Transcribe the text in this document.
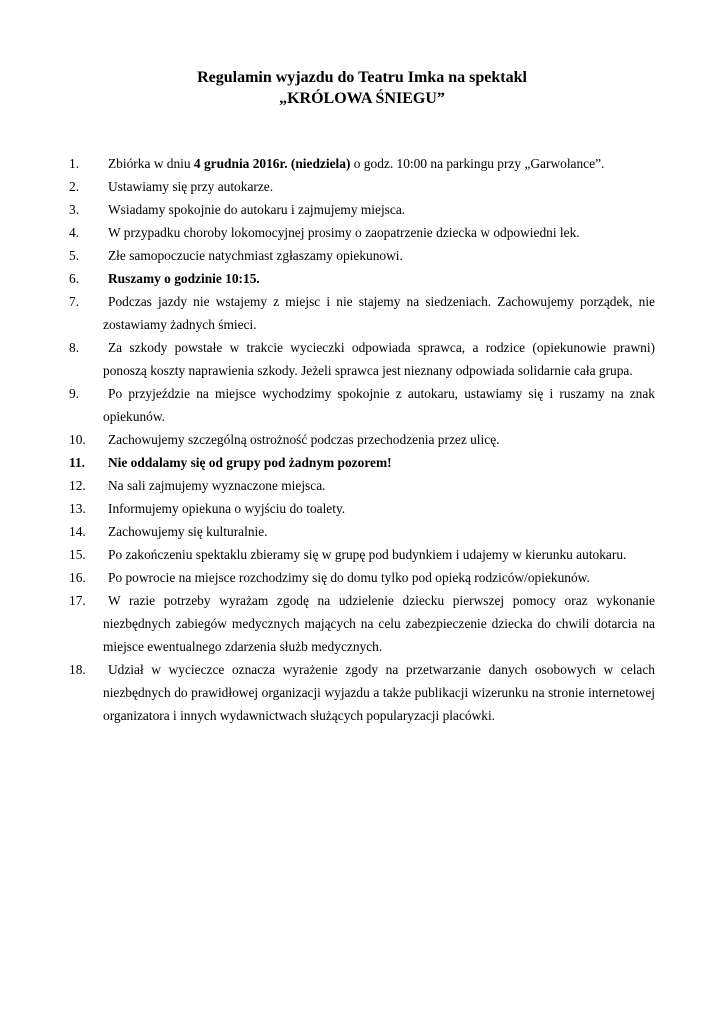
Regulamin wyjazdu do Teatru Imka na spektakl
„KRÓLOWA ŚNIEGU”
1.	Zbiórka w dniu 4 grudnia 2016r. (niedziela) o godz. 10:00 na parkingu przy „Garwolance”.
2.	Ustawiamy się przy autokarze.
3.	Wsiadamy spokojnie do autokaru i zajmujemy miejsca.
4.	W przypadku choroby lokomocyjnej prosimy o zaopatrzenie dziecka w odpowiedni lek.
5.	Złe samopoczucie natychmiast zgłaszamy opiekunowi.
6.	Ruszamy o godzinie 10:15.
7.	Podczas jazdy nie wstajemy z miejsc i nie stajemy na siedzeniach. Zachowujemy porządek, nie zostawiamy żadnych śmieci.
8.	Za szkody powstałe w trakcie wycieczki odpowiada sprawca, a rodzice (opiekunowie prawni) ponoszą koszty naprawienia szkody. Jeżeli sprawca jest nieznany odpowiada solidarnie cała grupa.
9.	Po przyjeździe na miejsce wychodzimy spokojnie z autokaru, ustawiamy się i ruszamy na znak opiekunów.
10.	Zachowujemy szczególną ostrożność podczas przechodzenia przez ulicę.
11.	Nie oddalamy się od grupy pod żadnym pozorem!
12.	Na sali zajmujemy wyznaczone miejsca.
13.	Informujemy opiekuna o wyjściu do toalety.
14.	Zachowujemy się kulturalnie.
15.	Po zakończeniu spektaklu zbieramy się w grupę pod budynkiem i udajemy w kierunku autokaru.
16.	Po powrocie na miejsce rozchodzimy się do domu tylko pod opieką rodziców/opiekunów.
17.	W razie potrzeby wyrażam zgodę na udzielenie dziecku pierwszej pomocy oraz wykonanie niezbędnych zabiegów medycznych mających na celu zabezpieczenie dziecka do chwili dotarcia na miejsce ewentualnego zdarzenia służb medycznych.
18.	Udział w wycieczce oznacza wyrażenie zgody na przetwarzanie danych osobowych w celach niezbędnych do prawidłowej organizacji wyjazdu a także publikacji wizerunku na stronie internetowej organizatora i innych wydawnictwach służących popularyzacji placówki.
